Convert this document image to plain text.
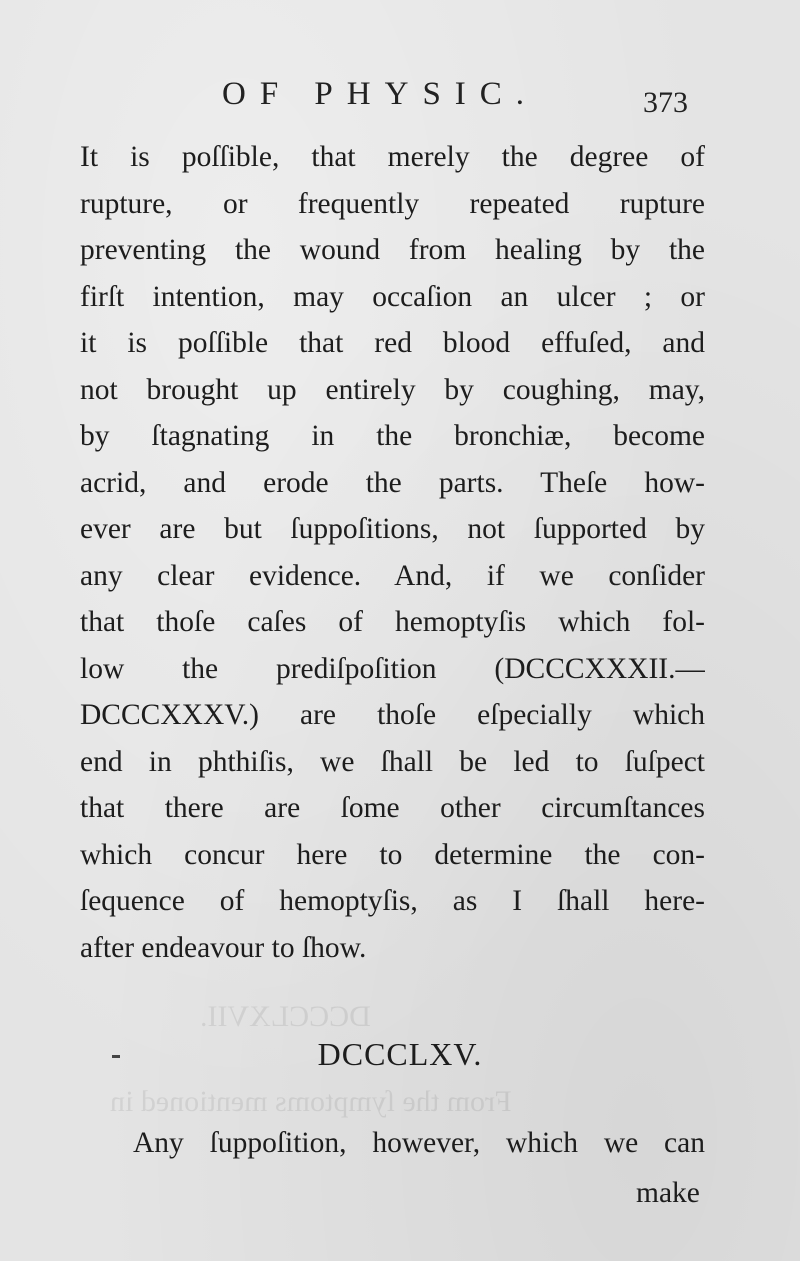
DCCCLXVII.
From the ſymptoms mentioned in
OF PHYSIC.	373
It is poſſible, that merely the degree of
rupture, or frequently repeated rupture
preventing the wound from healing by the
firſt intention, may occaſion an ulcer ; or
it is poſſible that red blood effuſed, and
not brought up entirely by coughing, may,
by ſtagnating in the bronchiæ, become
acrid, and erode the parts. Theſe how-
ever are but ſuppoſitions, not ſupported by
any clear evidence. And, if we conſider
that thoſe caſes of hemoptyſis which fol-
low the prediſpoſition (DCCCXXXII.—
DCCCXXXV.) are thoſe eſpecially which
end in phthiſis, we ſhall be led to ſuſpect
that there are ſome other circumſtances
which concur here to determine the con-
ſequence of hemoptyſis, as I ſhall here-
after endeavour to ſhow.
DCCCLXV.
Any ſuppoſition, however, which we can
make
